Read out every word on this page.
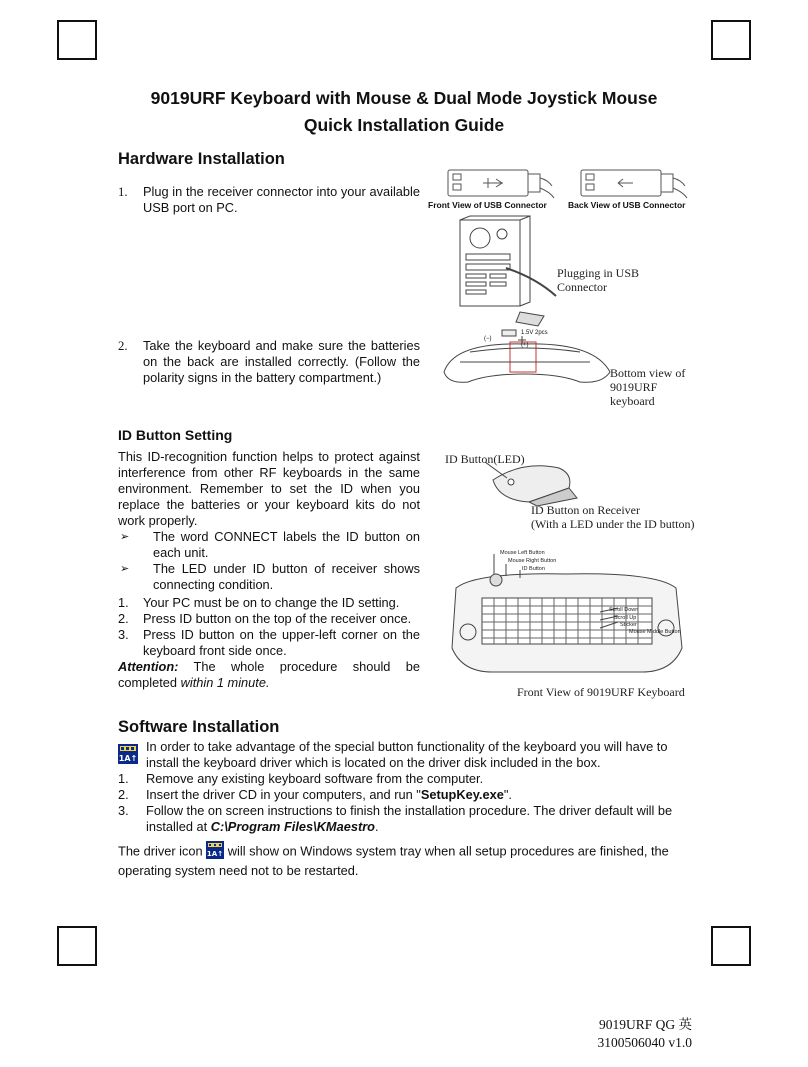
9019URF Keyboard with Mouse & Dual Mode Joystick Mouse
Quick Installation Guide
Hardware Installation
1. Plug in the receiver connector into your available USB port on PC.
2. Take the keyboard and make sure the batteries on the back are installed correctly. (Follow the polarity signs in the battery compartment.)
Front View of USB Connector Back View of USB Connector
Plugging in USB Connector
1.5V 2pcs
(−)
(+)
Bottom view of 9019URF keyboard
ID Button Setting
This ID-recognition function helps to protect against interference from other RF keyboards in the same environment. Remember to set the ID when you replace the batteries or your keyboard kits do not work properly.
➢	The word CONNECT labels the ID button on each unit.
➢	The LED under ID button of receiver shows connecting condition.
1. Your PC must be on to change the ID setting.
2. Press ID button on the top of the receiver once.
3. Press ID button on the upper-left corner on the keyboard front side once.
Attention: The whole procedure should be completed within 1 minute.
ID Button(LED)
ID Button on Receiver
(With a LED under the ID button)
Mouse Left Button
Mouse Right Button
ID Button
Scroll Down
Scroll Up
Sticker
Mouse Middle Button
Front View of 9019URF Keyboard
Software Installation
1A↑
In order to take advantage of the special button functionality of the keyboard you will have to install the keyboard driver which is located on the driver disk included in the box.
1. Remove any existing keyboard software from the computer.
2. Insert the driver CD in your computers, and run "SetupKey.exe".
3. Follow the on screen instructions to finish the installation procedure. The driver default will be installed at C:\Program Files\KMaestro.
The driver icon 1A↑ will show on Windows system tray when all setup procedures are finished, the operating system need not to be restarted.
9019URF QG 英
3100506040 v1.0
